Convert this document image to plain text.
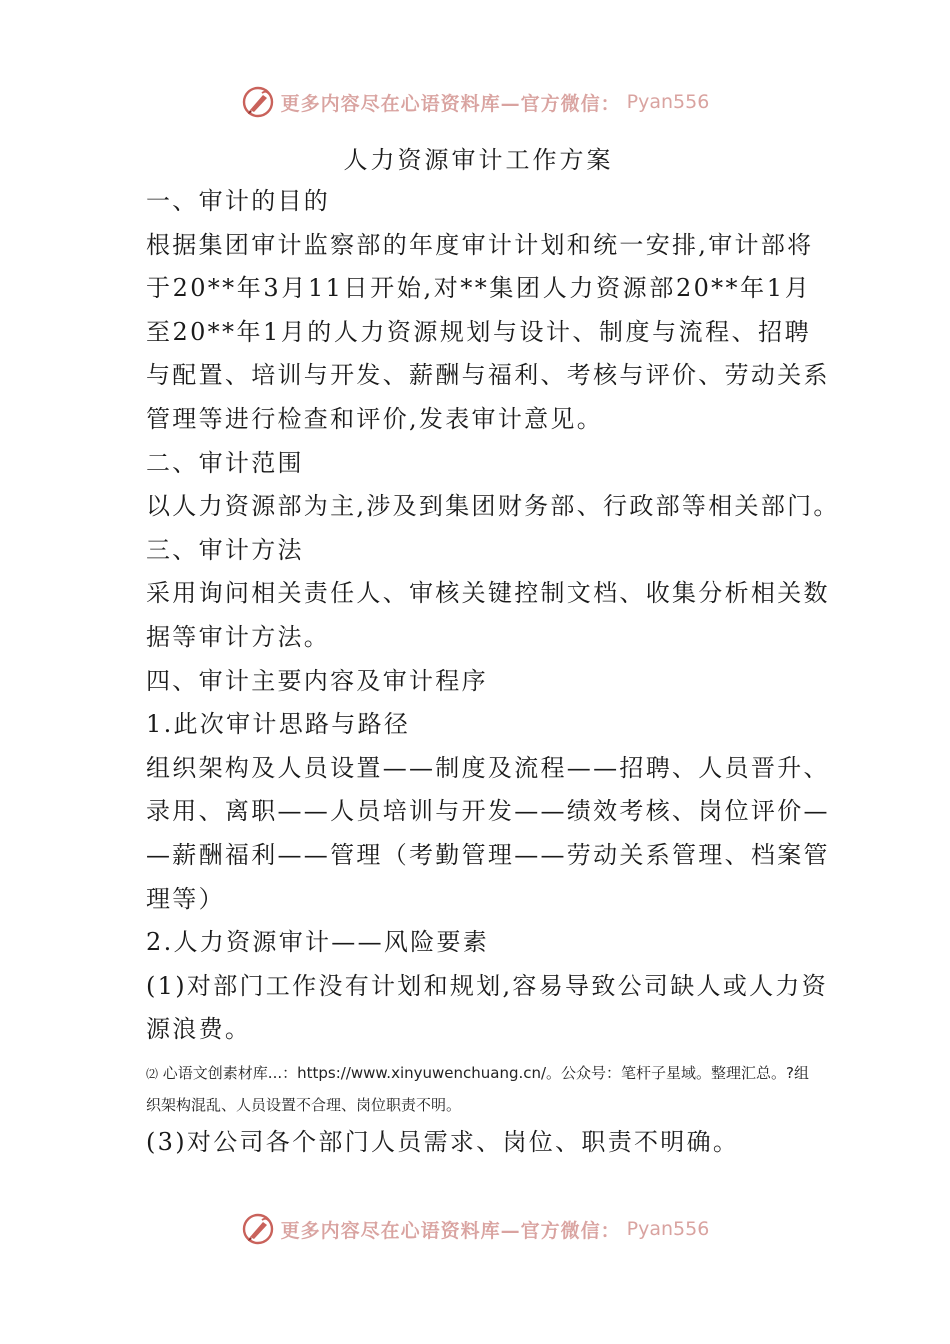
更多内容尽在心语资料库—官方微信： Pyan556
人力资源审计工作方案

一、审计的目的

根据集团审计监察部的年度审计计划和统一安排,审计部将

于20**年3月11日开始,对**集团人力资源部20**年1月

至20**年1月的人力资源规划与设计、制度与流程、招聘

与配置、培训与开发、薪酬与福利、考核与评价、劳动关系

管理等进行检查和评价,发表审计意见。

二、审计范围

以人力资源部为主,涉及到集团财务部、行政部等相关部门。

三、审计方法

采用询问相关责任人、审核关键控制文档、收集分析相关数

据等审计方法。

四、审计主要内容及审计程序

1.此次审计思路与路径

组织架构及人员设置——制度及流程——招聘、人员晋升、

录用、离职——人员培训与开发——绩效考核、岗位评价—

—薪酬福利——管理（考勤管理——劳动关系管理、档案管

理等）

2.人力资源审计——风险要素

(1)对部门工作没有计划和规划,容易导致公司缺人或人力资

源浪费。

⑵ 心语文创素材库...：https://www.xinyuwenchuang.cn/。公众号：笔杆子星域。整理汇总。?组织架构混乱、人员设置不合理、岗位职责不明。

(3)对公司各个部门人员需求、岗位、职责不明确。

更多内容尽在心语资料库—官方微信： Pyan556
